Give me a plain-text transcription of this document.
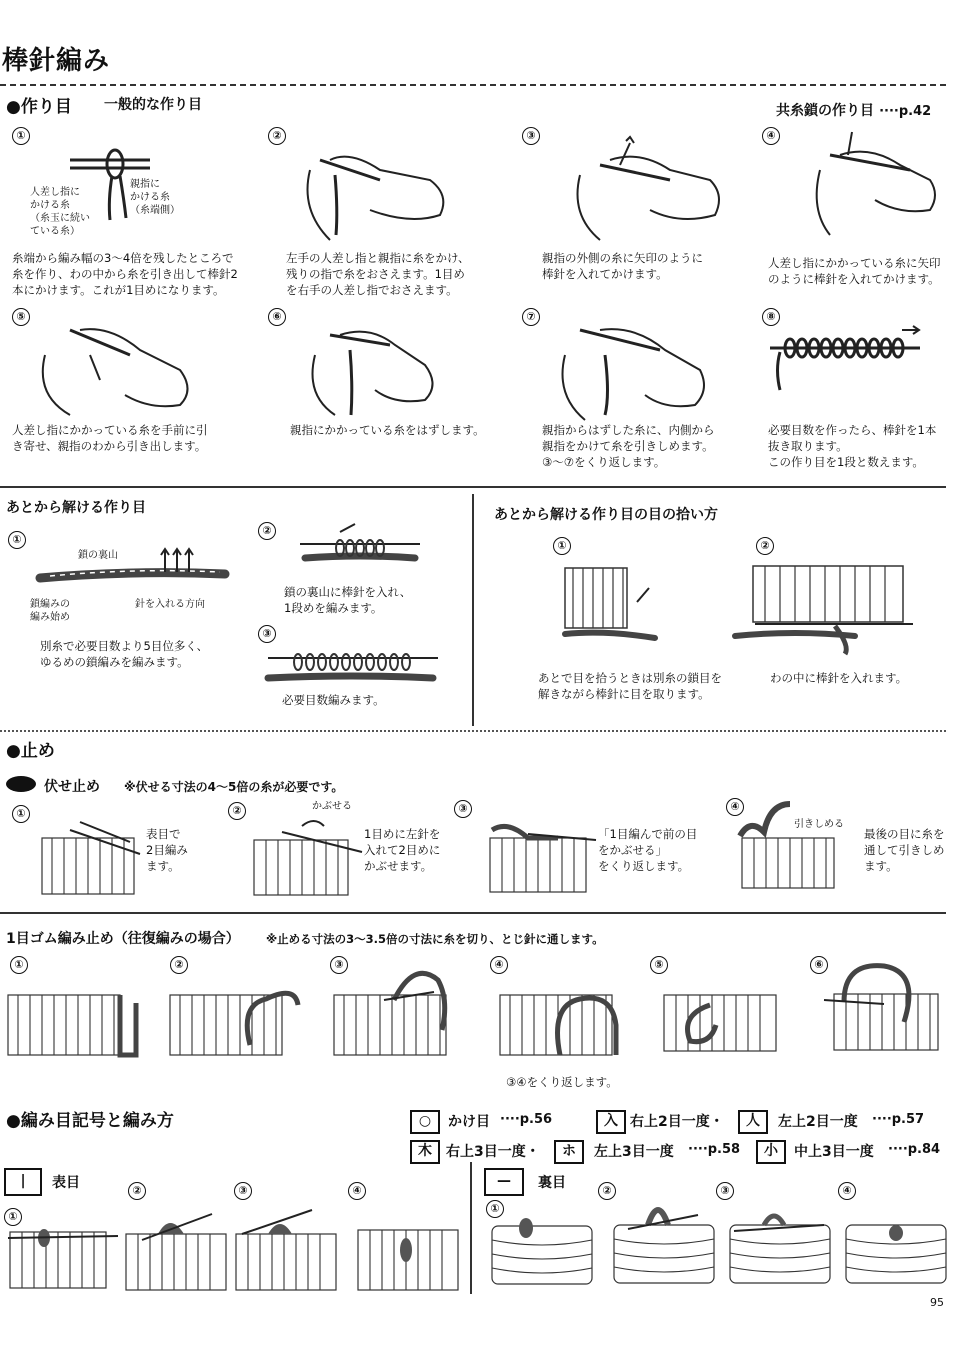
棒針編み
●作り目 一般的な作り目	共糸鎖の作り目 ····p.42
①	②	③	④
人差し指に
かける糸
（糸玉に続い
ている糸）
親指に
かける糸
（糸端側）
糸端から編み幅の3～4倍を残したところで
糸を作り、わの中から糸を引き出して棒針2
本にかけます。これが1目めになります。
左手の人差し指と親指に糸をかけ、
残りの指で糸をおさえます。1目め
を右手の人差し指でおさえます。
親指の外側の糸に矢印のように
棒針を入れてかけます。
人差し指にかかっている糸に矢印
のように棒針を入れてかけます。
⑤	⑥	⑦	⑧
人差し指にかかっている糸を手前に引
き寄せ、親指のわから引き出します。
親指にかかっている糸をはずします。	親指からはずした糸に、内側から
親指をかけて糸を引きしめます。
③～⑦をくり返します。
必要目数を作ったら、棒針を1本
抜き取ります。
この作り目を1段と数えます。
あとから解ける作り目
①
鎖の裏山
鎖編みの
編み始め
針を入れる方向
別糸で必要目数より5目位多く、
ゆるめの鎖編みを編みます。
②
鎖の裏山に棒針を入れ、
1段めを編みます。
③
必要目数編みます。
あとから解ける作り目の目の拾い方
①	②
あとで目を拾うときは別糸の鎖目を
解きながら棒針に目を取ります。
わの中に棒針を入れます。
●止め
伏せ止め ※伏せる寸法の4～5倍の糸が必要です。
①	②	③	④
表目で
2目編み
ます。
かぶせる
1目めに左針を
入れて2目めに
かぶせます。
「1目編んで前の目
をかぶせる」
をくり返します。
引きしめる
最後の目に糸を
通して引きしめ
ます。
1目ゴム編み止め（往復編みの場合） ※止める寸法の3～3.5倍の寸法に糸を切り、とじ針に通します。
①	②	③	④	⑤	⑥
③④をくり返します。
●編み目記号と編み方	○	かけ目 ····p.56	入 右上2目一度・	人	左上2目一度 ····p.57
木	右上3目一度・	ホ	左上3目一度 ····p.58	小	中上3目一度 ····p.84
|	表目
①
②	③	④
—	裏目
①
②	③	④
95
